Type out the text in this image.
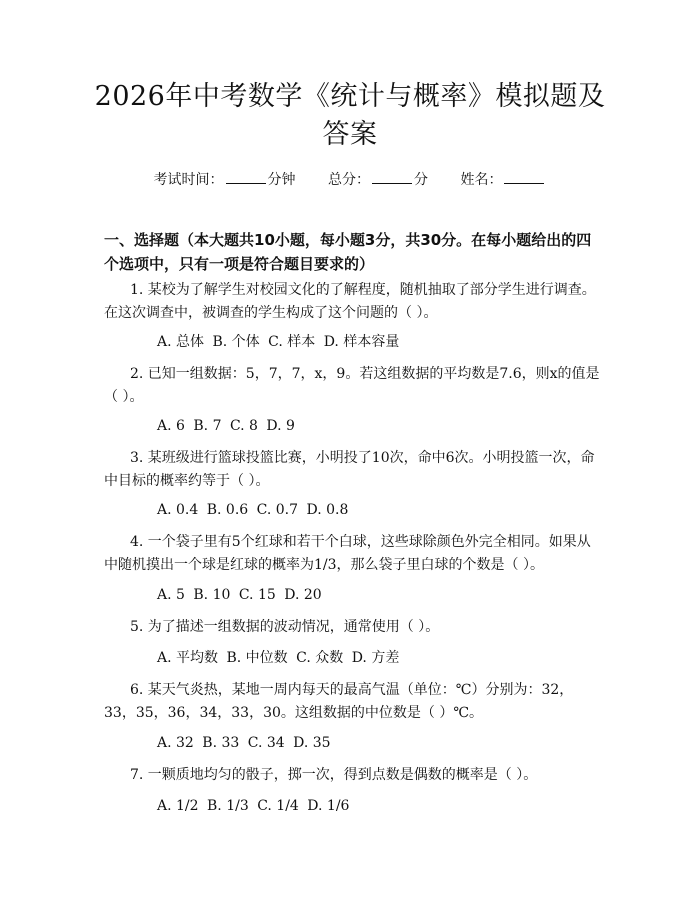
2026年中考数学《统计与概率》模拟题及答案
考试时间：	分钟 总分：	分 姓名：
一、选择题（本大题共10小题，每小题3分，共30分。在每小题给出的四个选项中，只有一项是符合题目要求的）
1. 某校为了解学生对校园文化的了解程度，随机抽取了部分学生进行调查。在这次调查中，被调查的学生构成了这个问题的（ ）。
A. 总体 B. 个体 C. 样本 D. 样本容量
2. 已知一组数据：5，7，7，x，9。若这组数据的平均数是7.6，则x的值是（ ）。
A. 6 B. 7 C. 8 D. 9
3. 某班级进行篮球投篮比赛，小明投了10次，命中6次。小明投篮一次，命中目标的概率约等于（ ）。
A. 0.4 B. 0.6 C. 0.7 D. 0.8
4. 一个袋子里有5个红球和若干个白球，这些球除颜色外完全相同。如果从中随机摸出一个球是红球的概率为1/3，那么袋子里白球的个数是（ ）。
A. 5 B. 10 C. 15 D. 20
5. 为了描述一组数据的波动情况，通常使用（ ）。
A. 平均数 B. 中位数 C. 众数 D. 方差
6. 某天气炎热，某地一周内每天的最高气温（单位：℃）分别为：32，33，35，36，34，33，30。这组数据的中位数是（ ）℃。
A. 32 B. 33 C. 34 D. 35
7. 一颗质地均匀的骰子，掷一次，得到点数是偶数的概率是（ ）。
A. 1/2 B. 1/3 C. 1/4 D. 1/6
